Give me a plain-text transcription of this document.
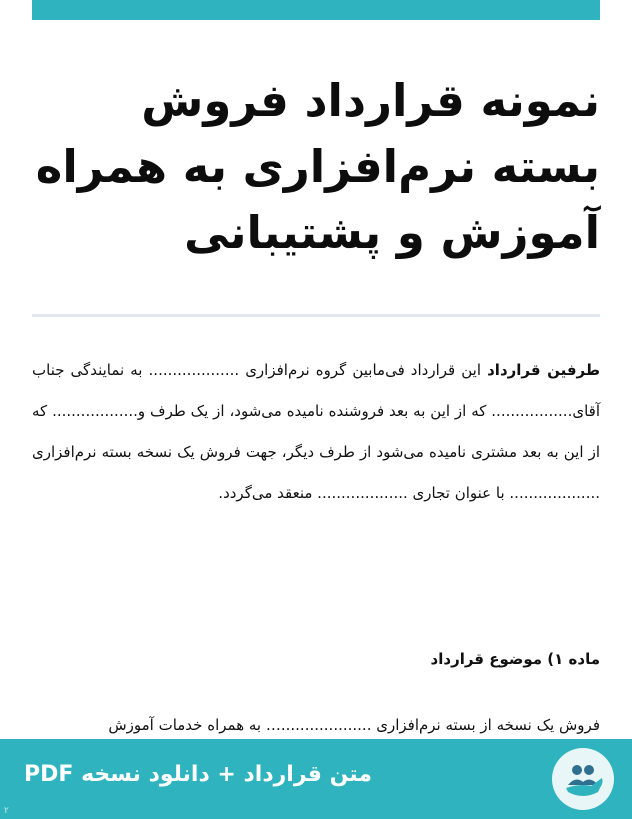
نمونه قرارداد فروش بسته نرم‌افزاری به همراه آموزش و پشتیبانی

طرفین قرارداد این قرارداد فی‌مابین گروه نرم‌افزاری ................... به نمایندگی جناب آقای................. که از این به بعد فروشنده نامیده می‌شود، از یک طرف و.................. که از این به بعد مشتری نامیده می‌شود از طرف دیگر، جهت فروش یک نسخه بسته نرم‌افزاری ................... با عنوان تجاری ................... منعقد می‌گردد.

ماده ۱) موضوع قرارداد

فروش یک نسخه از بسته نرم‌افزاری ...................… به همراه خدمات آموزش

متن قرارداد + دانلود نسخه PDF
٢
